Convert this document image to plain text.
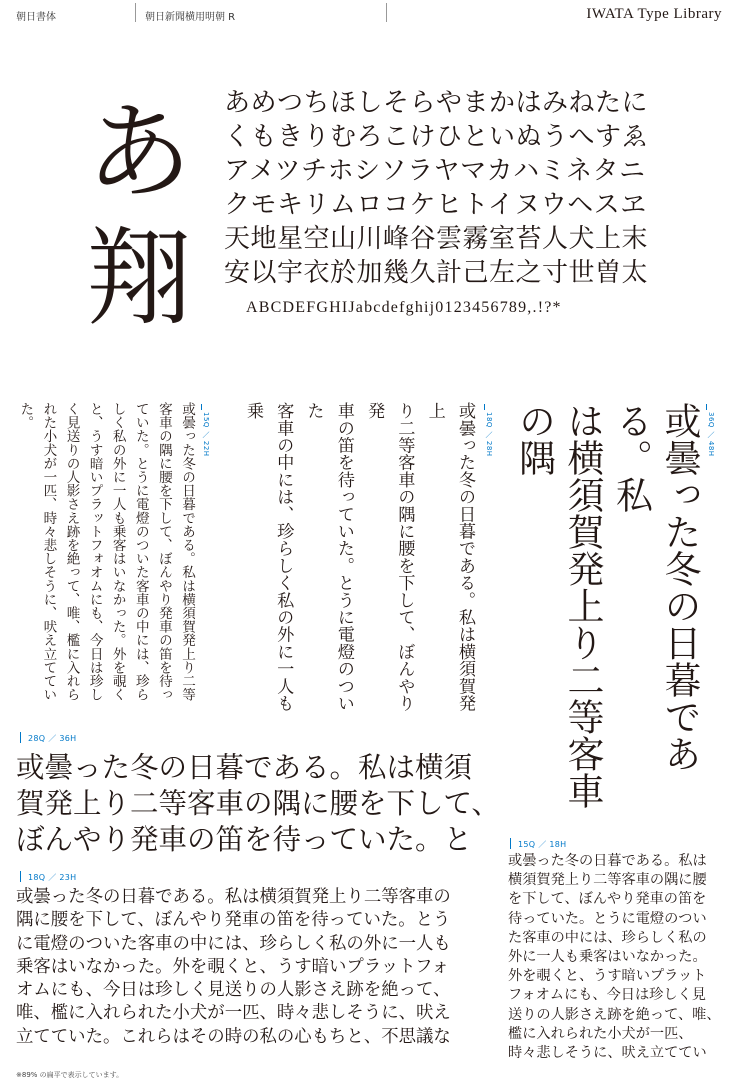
朝日書体	朝日新聞横用明朝 R	IWATA Type Library
あ
翔
あめつちほしそらやまかはみねたに
くもきりむろこけひといぬうへすゑ
アメツチホシソラヤマカハミネタニ
クモキリムロコケヒトイヌウヘスヱ
天地星空山川峰谷雲霧室苔人犬上末
安以宇衣於加幾久計己左之寸世曽太
ABCDEFGHIJabcdefghij0123456789,.!?*
36Q ／ 48H
或曇った冬の日暮である。私
は横須賀発上り二等客車の隅

18Q ／ 28H
或曇った冬の日暮である。私は横須賀発上
り二等客車の隅に腰を下して、ぼんやり発
車の笛を待っていた。とうに電燈のついた
客車の中には、珍らしく私の外に一人も乗

15Q ／ 22H
或曇った冬の日暮である。私は横須賀発上り二等
客車の隅に腰を下して、ぼんやり発車の笛を待っ
ていた。とうに電燈のついた客車の中には、珍ら
しく私の外に一人も乗客はいなかった。外を覗く
と、うす暗いプラットフォオムにも、今日は珍し
く見送りの人影さえ跡を絶って、唯、檻に入れら
れた小犬が一匹、時々悲しそうに、吠え立てていた。

28Q ／ 36H
或曇った冬の日暮である。私は横須
賀発上り二等客車の隅に腰を下して、
ぼんやり発車の笛を待っていた。と
18Q ／ 23H
或曇った冬の日暮である。私は横須賀発上り二等客車の
隅に腰を下して、ぼんやり発車の笛を待っていた。とう
に電燈のついた客車の中には、珍らしく私の外に一人も
乗客はいなかった。外を覗くと、うす暗いプラットフォ
オムにも、今日は珍しく見送りの人影さえ跡を絶って、
唯、檻に入れられた小犬が一匹、時々悲しそうに、吠え
立てていた。これらはその時の私の心もちと、不思議な
15Q ／ 18H
或曇った冬の日暮である。私は
横須賀発上り二等客車の隅に腰
を下して、ぼんやり発車の笛を
待っていた。とうに電燈のつい
た客車の中には、珍らしく私の
外に一人も乗客はいなかった。
外を覗くと、うす暗いプラット
フォオムにも、今日は珍しく見
送りの人影さえ跡を絶って、唯、
檻に入れられた小犬が一匹、
時々悲しそうに、吠え立ててい
※89% の扁平で表示しています。
